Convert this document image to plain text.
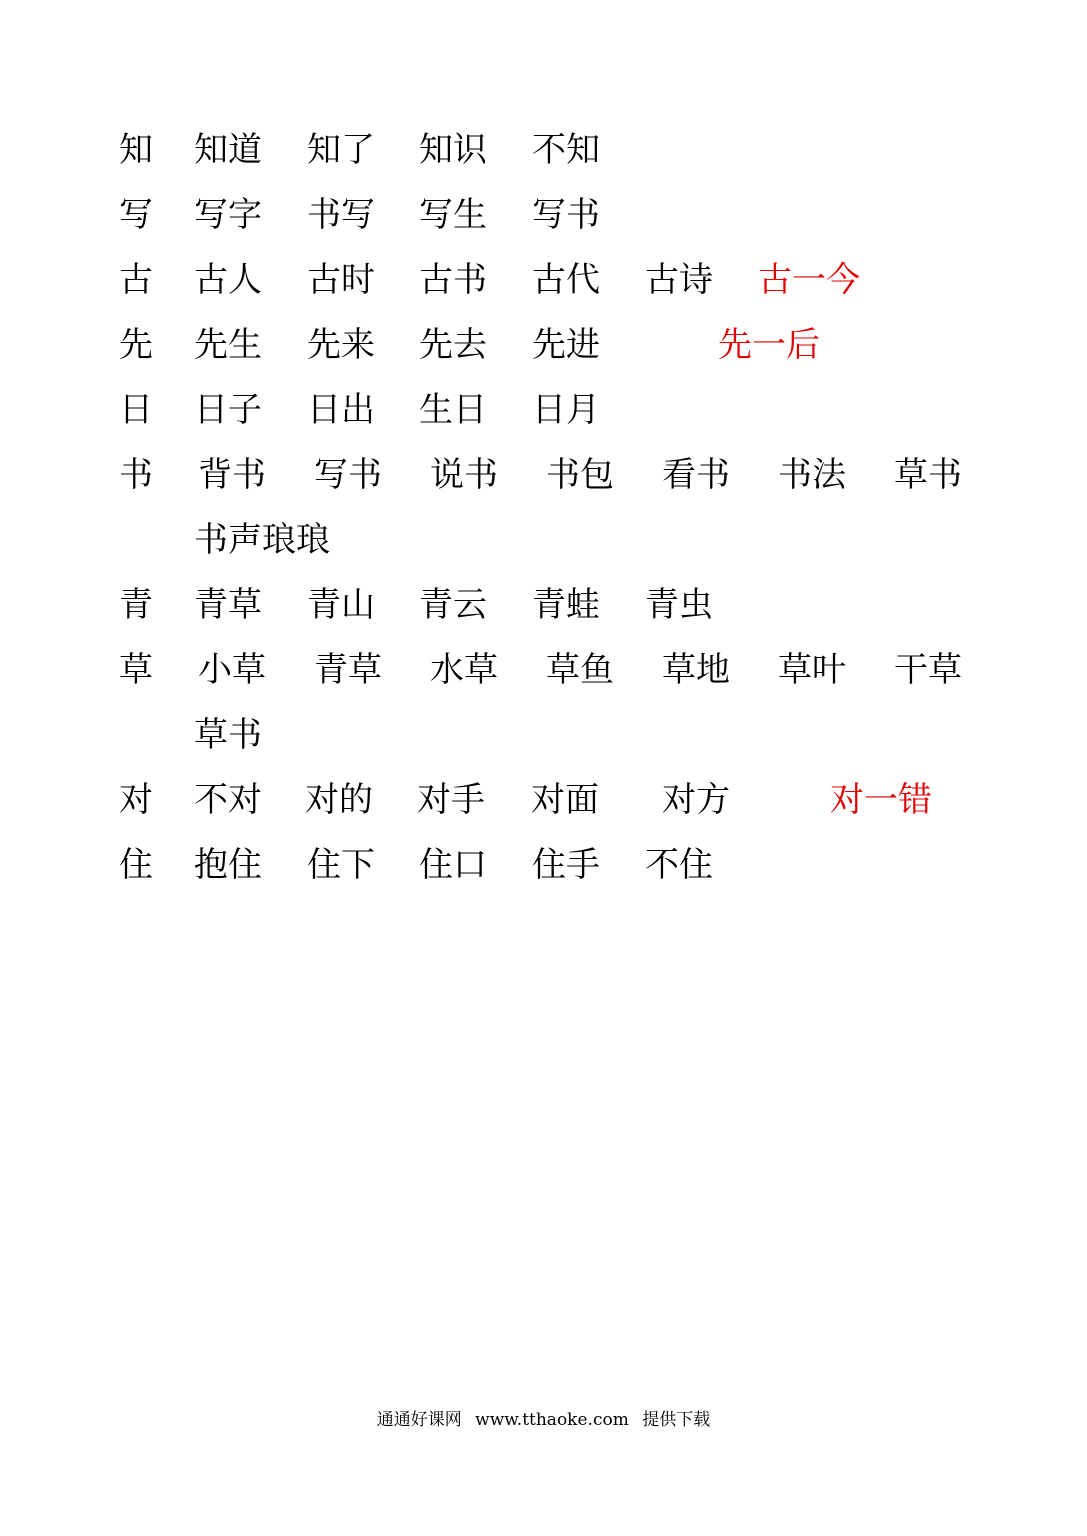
知 知道 知了 知识 不知
写 写字 书写 写生 写书
古 古人 古时 古书 古代 古诗 古一今
先 先生 先来 先去 先进	先一后
日 日子 日出 生日 日月
书 背书 写书 说书 书包 看书 书法 草书
书声琅琅
青 青草 青山 青云 青蛙 青虫
草 小草 青草 水草 草鱼 草地 草叶 干草
草书
对 不对 对的 对手 对面 对方	对一错
住 抱住 住下 住口 住手 不住
通通好课网 www.tthaoke.com 提供下载
